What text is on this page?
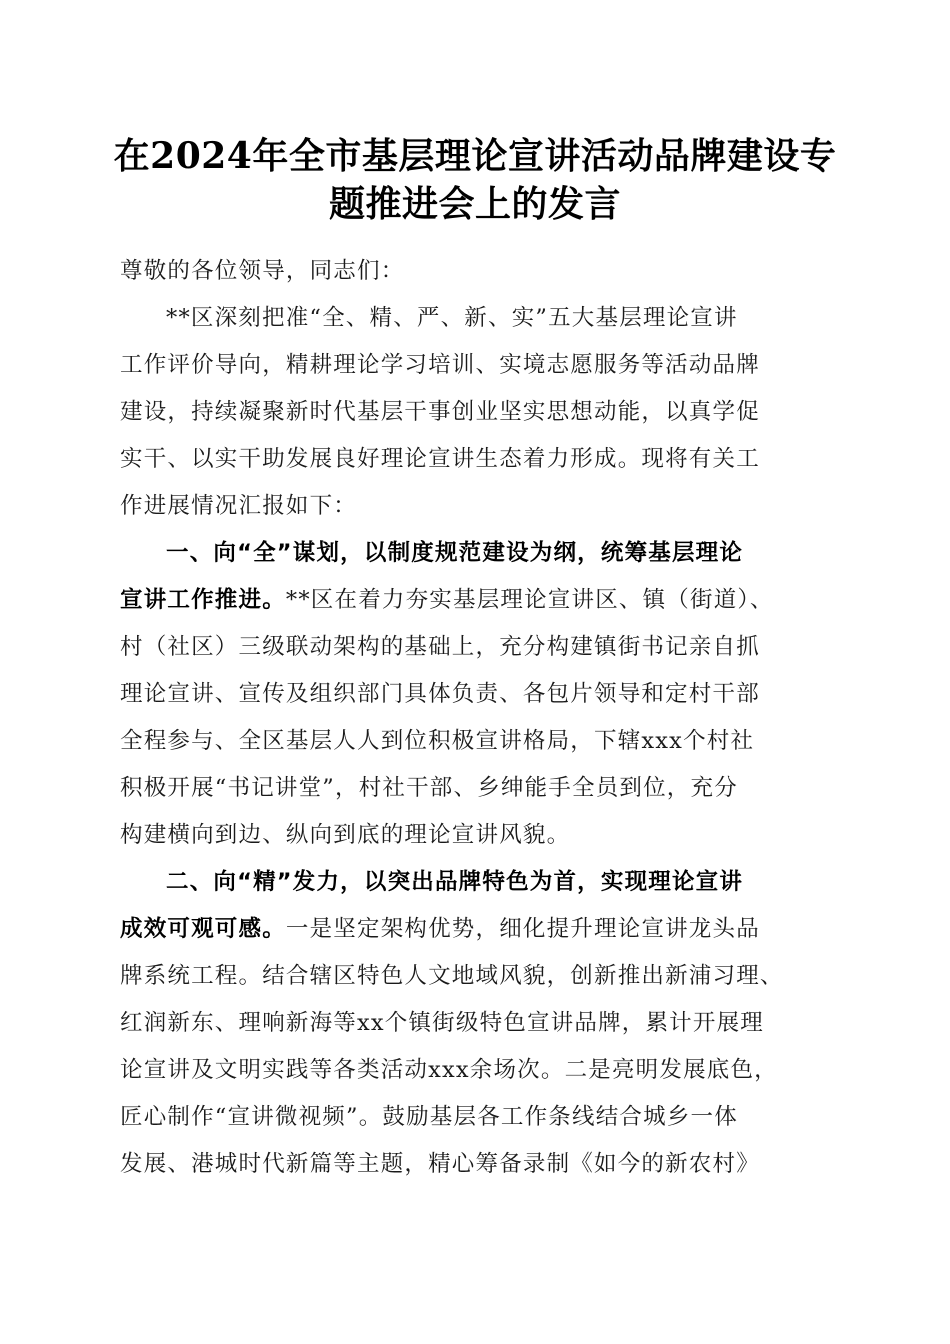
在2024年全市基层理论宣讲活动品牌建设专
题推进会上的发言
尊敬的各位领导，同志们：
**区深刻把准“全、精、严、新、实”五大基层理论宣讲
工作评价导向，精耕理论学习培训、实境志愿服务等活动品牌
建设，持续凝聚新时代基层干事创业坚实思想动能，以真学促
实干、以实干助发展良好理论宣讲生态着力形成。现将有关工
作进展情况汇报如下：
一、向“全”谋划，以制度规范建设为纲，统筹基层理论
宣讲工作推进。**区在着力夯实基层理论宣讲区、镇（街道）、
村（社区）三级联动架构的基础上，充分构建镇街书记亲自抓
理论宣讲、宣传及组织部门具体负责、各包片领导和定村干部
全程参与、全区基层人人到位积极宣讲格局，下辖xxx个村社
积极开展“书记讲堂”，村社干部、乡绅能手全员到位，充分
构建横向到边、纵向到底的理论宣讲风貌。
二、向“精”发力，以突出品牌特色为首，实现理论宣讲
成效可观可感。一是坚定架构优势，细化提升理论宣讲龙头品
牌系统工程。结合辖区特色人文地域风貌，创新推出新浦习理、
红润新东、理响新海等xx个镇街级特色宣讲品牌，累计开展理
论宣讲及文明实践等各类活动xxx余场次。二是亮明发展底色，
匠心制作“宣讲微视频”。鼓励基层各工作条线结合城乡一体
发展、港城时代新篇等主题，精心筹备录制《如今的新农村》
